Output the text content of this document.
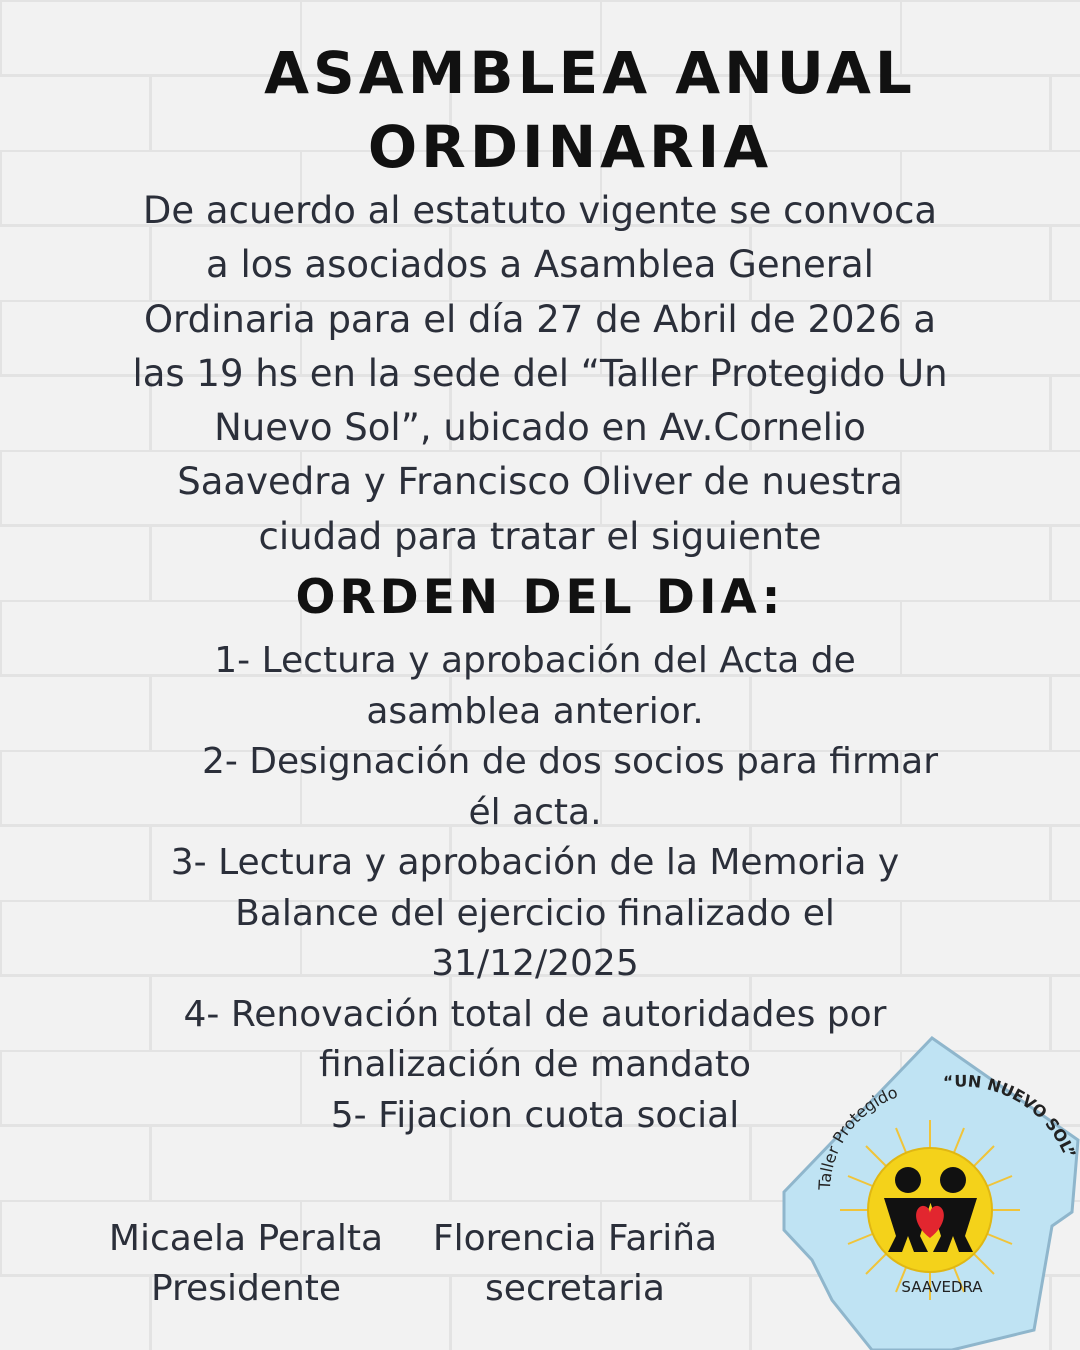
ASAMBLEA ANUAL
ORDINARIA
De acuerdo al estatuto vigente se convoca
a los asociados a Asamblea General
Ordinaria para el día 27 de Abril de 2026 a
las 19 hs en la sede del “Taller Protegido Un
Nuevo Sol”, ubicado en Av.Cornelio
Saavedra y Francisco Oliver de nuestra
ciudad para tratar el siguiente
ORDEN DEL DIA:
1- Lectura y aprobación del Acta de
asamblea anterior.
2- Designación de dos socios para firmar
él acta.
3- Lectura y aprobación de la Memoria y
Balance del ejercicio finalizado el
31/12/2025
4- Renovación total de autoridades por
finalización de mandato
5- Fijacion cuota social
Micaela Peralta
Presidente
Florencia Fariña
secretaria
Taller Protegido
“UN NUEVO SOL”
SAAVEDRA
